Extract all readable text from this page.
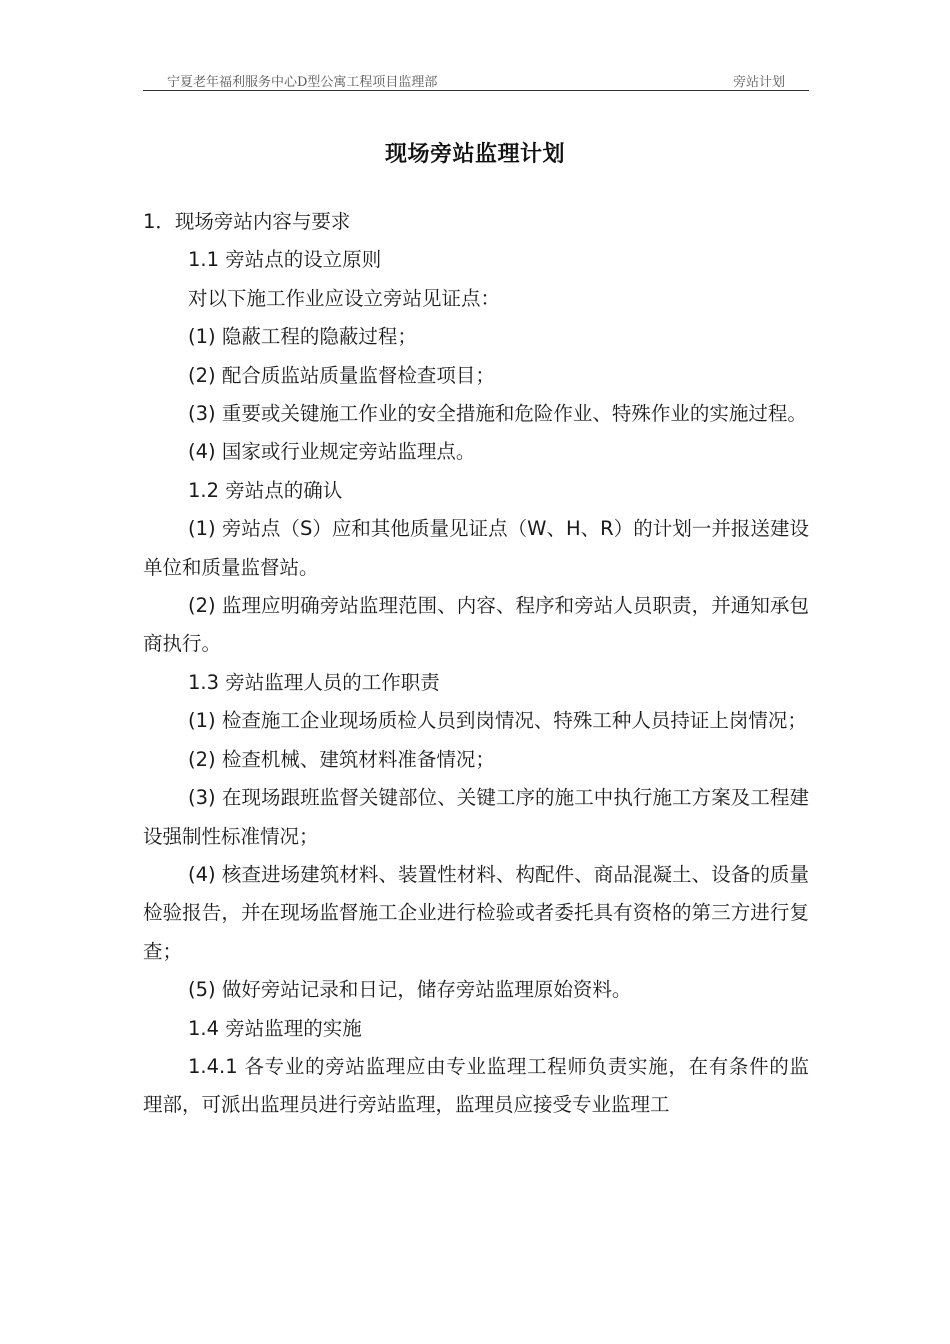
宁夏老年福利服务中心D型公寓工程项目监理部	旁站计划
现场旁站监理计划

1．现场旁站内容与要求

1.1 旁站点的设立原则

对以下施工作业应设立旁站见证点：

(1) 隐蔽工程的隐蔽过程；

(2) 配合质监站质量监督检查项目；

(3) 重要或关键施工作业的安全措施和危险作业、特殊作业的实施过程。

(4) 国家或行业规定旁站监理点。

1.2 旁站点的确认

(1) 旁站点（S）应和其他质量见证点（W、H、R）的计划一并报送建设单位和质量监督站。

(2) 监理应明确旁站监理范围、内容、程序和旁站人员职责，并通知承包商执行。

1.3 旁站监理人员的工作职责

(1) 检查施工企业现场质检人员到岗情况、特殊工种人员持证上岗情况；

(2) 检查机械、建筑材料准备情况；

(3) 在现场跟班监督关键部位、关键工序的施工中执行施工方案及工程建设强制性标准情况；

(4) 核查进场建筑材料、装置性材料、构配件、商品混凝土、设备的质量检验报告，并在现场监督施工企业进行检验或者委托具有资格的第三方进行复查；

(5) 做好旁站记录和日记，储存旁站监理原始资料。

1.4 旁站监理的实施

1.4.1 各专业的旁站监理应由专业监理工程师负责实施，在有条件的监理部，可派出监理员进行旁站监理，监理员应接受专业监理工
